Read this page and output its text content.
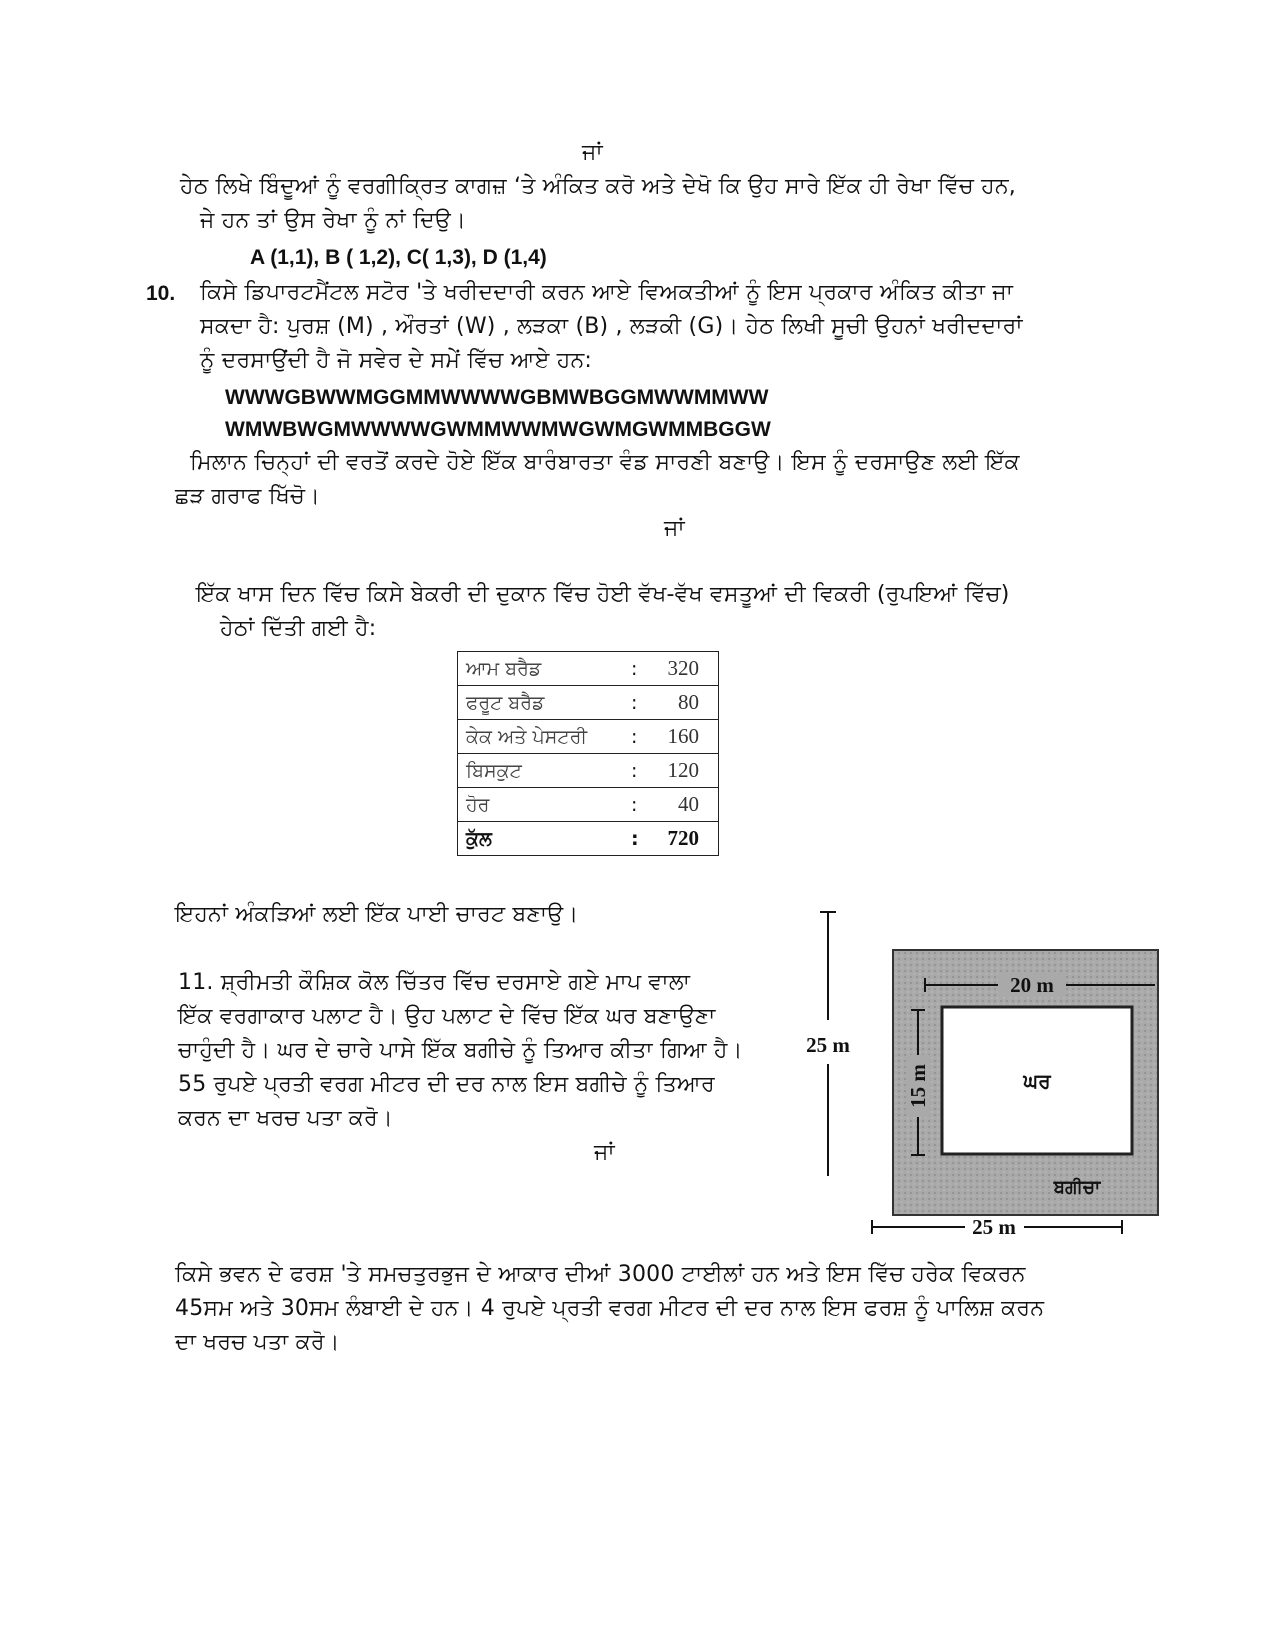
ਜਾਂ
ਹੇਠ ਲਿਖੇ ਬਿੰਦੂਆਂ ਨੂੰ ਵਰਗੀਕ੍ਰਿਤ ਕਾਗਜ਼ ‘ਤੇ ਅੰਕਿਤ ਕਰੋ ਅਤੇ ਦੇਖੋ ਕਿ ਉਹ ਸਾਰੇ ਇੱਕ ਹੀ ਰੇਖਾ ਵਿੱਚ ਹਨ,
ਜੇ ਹਨ ਤਾਂ ਉਸ ਰੇਖਾ ਨੂੰ ਨਾਂ ਦਿਉ।
A (1,1), B ( 1,2), C( 1,3), D (1,4)
10. ਕਿਸੇ ਡਿਪਾਰਟਮੈਂਟਲ ਸਟੋਰ 'ਤੇ ਖਰੀਦਦਾਰੀ ਕਰਨ ਆਏ ਵਿਅਕਤੀਆਂ ਨੂੰ ਇਸ ਪ੍ਰਕਾਰ ਅੰਕਿਤ ਕੀਤਾ ਜਾ
ਸਕਦਾ ਹੈ: ਪੁਰਸ਼ (M) , ਔਰਤਾਂ (W) , ਲੜਕਾ (B) , ਲੜਕੀ (G)। ਹੇਠ ਲਿਖੀ ਸੂਚੀ ਉਹਨਾਂ ਖਰੀਦਦਾਰਾਂ
ਨੂੰ ਦਰਸਾਉਂਦੀ ਹੈ ਜੋ ਸਵੇਰ ਦੇ ਸਮੇਂ ਵਿੱਚ ਆਏ ਹਨ:
WWWGBWWMGGMMWWWWGBMWBGGMWWMMWW
WMWBWGMWWWWGWMMWWMWGWMGWMMBGGW
ਮਿਲਾਨ ਚਿਨ੍ਹਾਂ ਦੀ ਵਰਤੋਂ ਕਰਦੇ ਹੋਏ ਇੱਕ ਬਾਰੰਬਾਰਤਾ ਵੰਡ ਸਾਰਣੀ ਬਣਾਉ। ਇਸ ਨੂੰ ਦਰਸਾਉਣ ਲਈ ਇੱਕ
ਛੜ ਗਰਾਫ ਖਿੱਚੋ।
ਜਾਂ
ਇੱਕ ਖਾਸ ਦਿਨ ਵਿੱਚ ਕਿਸੇ ਬੇਕਰੀ ਦੀ ਦੁਕਾਨ ਵਿੱਚ ਹੋਈ ਵੱਖ-ਵੱਖ ਵਸਤੂਆਂ ਦੀ ਵਿਕਰੀ (ਰੁਪਇਆਂ ਵਿੱਚ)
ਹੇਠਾਂ ਦਿੱਤੀ ਗਈ ਹੈ:
ਆਮ ਬਰੈਡ	: 320
ਫਰੂਟ ਬਰੈਡ	: 80
ਕੇਕ ਅਤੇ ਪੇਸਟਰੀ : 160
ਬਿਸਕੁਟ	: 120
ਹੋਰ	: 40
ਕੁੱਲ	: 720
ਇਹਨਾਂ ਅੰਕੜਿਆਂ ਲਈ ਇੱਕ ਪਾਈ ਚਾਰਟ ਬਣਾਉ।
11. ਸ਼੍ਰੀਮਤੀ ਕੌਸ਼ਿਕ ਕੋਲ ਚਿੱਤਰ ਵਿੱਚ ਦਰਸਾਏ ਗਏ ਮਾਪ ਵਾਲਾ
ਇੱਕ ਵਰਗਾਕਾਰ ਪਲਾਟ ਹੈ। ਉਹ ਪਲਾਟ ਦੇ ਵਿੱਚ ਇੱਕ ਘਰ ਬਣਾਉਣਾ
ਚਾਹੁੰਦੀ ਹੈ। ਘਰ ਦੇ ਚਾਰੇ ਪਾਸੇ ਇੱਕ ਬਗੀਚੇ ਨੂੰ ਤਿਆਰ ਕੀਤਾ ਗਿਆ ਹੈ।
55 ਰੁਪਏ ਪ੍ਰਤੀ ਵਰਗ ਮੀਟਰ ਦੀ ਦਰ ਨਾਲ ਇਸ ਬਗੀਚੇ ਨੂੰ ਤਿਆਰ
ਕਰਨ ਦਾ ਖਰਚ ਪਤਾ ਕਰੋ।
ਜਾਂ
20 m
15 m
25 m
ਘਰ
ਬਗੀਚਾ
25 m
ਕਿਸੇ ਭਵਨ ਦੇ ਫਰਸ਼ 'ਤੇ ਸਮਚਤੁਰਭੁਜ ਦੇ ਆਕਾਰ ਦੀਆਂ 3000 ਟਾਈਲਾਂ ਹਨ ਅਤੇ ਇਸ ਵਿੱਚ ਹਰੇਕ ਵਿਕਰਨ
45ਸਮ ਅਤੇ 30ਸਮ ਲੰਬਾਈ ਦੇ ਹਨ। 4 ਰੁਪਏ ਪ੍ਰਤੀ ਵਰਗ ਮੀਟਰ ਦੀ ਦਰ ਨਾਲ ਇਸ ਫਰਸ਼ ਨੂੰ ਪਾਲਿਸ਼ ਕਰਨ
ਦਾ ਖਰਚ ਪਤਾ ਕਰੋ।
